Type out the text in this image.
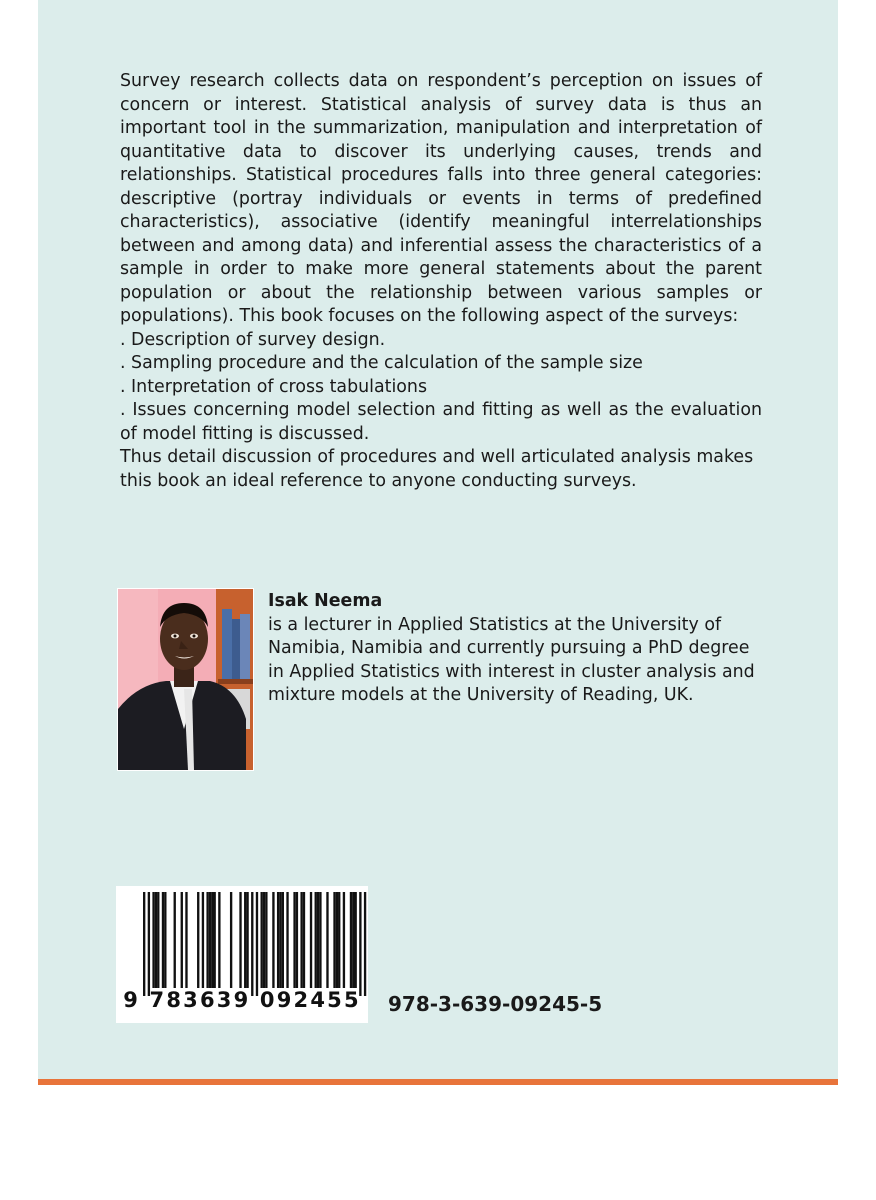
Survey research collects data on respondent’s perception on issues of concern or interest. Statistical analysis of survey data is thus an important tool in the summarization, manipulation and interpretation of quantitative data to discover its underlying causes, trends and relationships. Statistical procedures falls into three general categories: descriptive (portray individuals or events in terms of predefined characteristics), associative (identify meaningful interrelationships between and among data) and inferential assess the characteristics of a sample in order to make more general statements about the parent population or about the relationship between various samples or populations). This book focuses on the following aspect of the surveys:

. Description of survey design.

. Sampling procedure and the calculation of the sample size

. Interpretation of cross tabulations

. Issues concerning model selection and fitting as well as the evaluation of model fitting is discussed.

Thus detail discussion of procedures and well articulated analysis makes this book an ideal reference to anyone conducting surveys.

Isak Neema
is a lecturer in Applied Statistics at the University of Namibia, Namibia and currently pursuing a PhD degree in Applied Statistics with interest in cluster analysis and mixture models at the University of Reading, UK.
9 783639 092455	978-3-639-09245-5
